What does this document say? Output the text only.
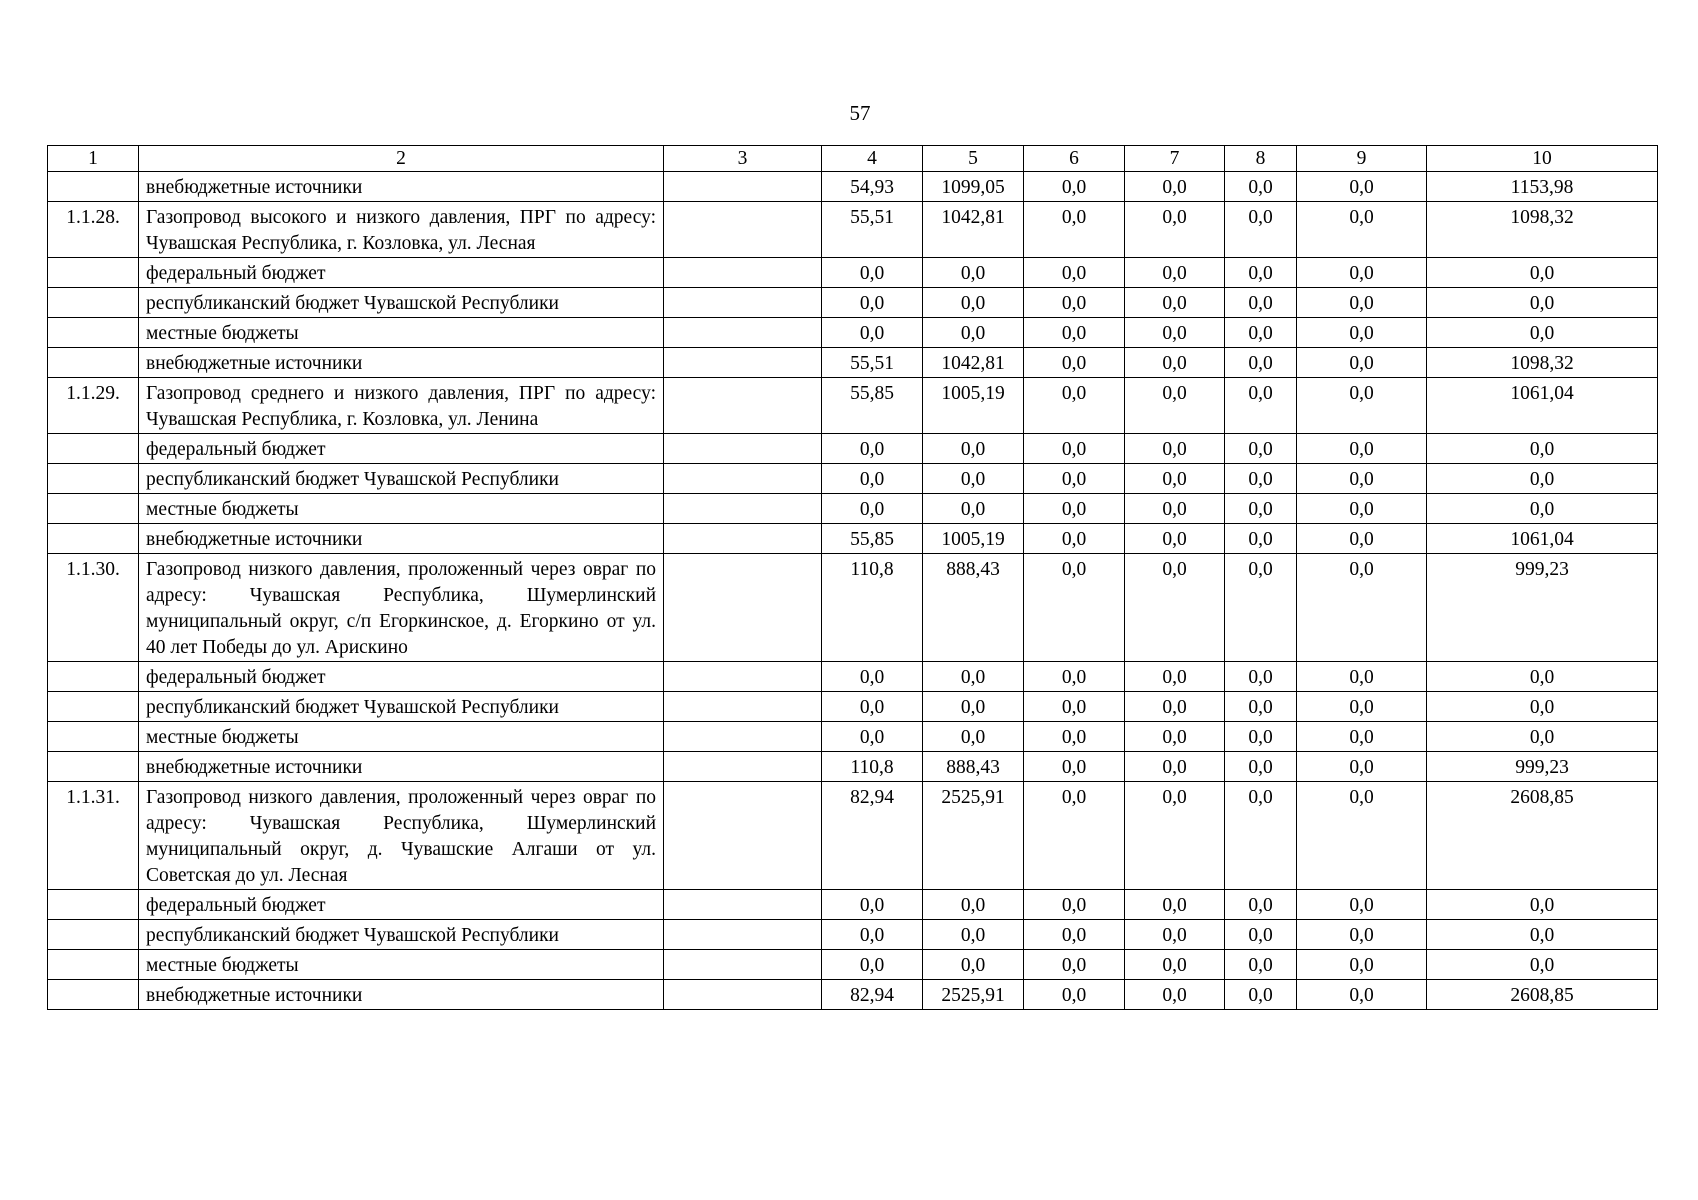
57
1	2	3	4	5	6	7	8	9	10
	внебюджетные источники		54,93	1099,05	0,0	0,0	0,0	0,0	1153,98
1.1.28.	Газопровод высокого и низкого давления, ПРГ по адресу: Чувашская Республика, г. Козловка, ул. Лесная		55,51	1042,81	0,0	0,0	0,0	0,0	1098,32
	федеральный бюджет		0,0	0,0	0,0	0,0	0,0	0,0	0,0
	республиканский бюджет Чувашской Республики		0,0	0,0	0,0	0,0	0,0	0,0	0,0
	местные бюджеты		0,0	0,0	0,0	0,0	0,0	0,0	0,0
	внебюджетные источники		55,51	1042,81	0,0	0,0	0,0	0,0	1098,32
1.1.29.	Газопровод среднего и низкого давления, ПРГ по адресу: Чувашская Республика, г. Козловка, ул. Ленина		55,85	1005,19	0,0	0,0	0,0	0,0	1061,04
	федеральный бюджет		0,0	0,0	0,0	0,0	0,0	0,0	0,0
	республиканский бюджет Чувашской Республики		0,0	0,0	0,0	0,0	0,0	0,0	0,0
	местные бюджеты		0,0	0,0	0,0	0,0	0,0	0,0	0,0
	внебюджетные источники		55,85	1005,19	0,0	0,0	0,0	0,0	1061,04
1.1.30.	Газопровод низкого давления, проложенный через овраг по адресу: Чувашская Республика, Шумерлинский муниципальный округ, с/п Егоркинское, д. Егоркино от ул. 40 лет Победы до ул. Арискино		110,8	888,43	0,0	0,0	0,0	0,0	999,23
	федеральный бюджет		0,0	0,0	0,0	0,0	0,0	0,0	0,0
	республиканский бюджет Чувашской Республики		0,0	0,0	0,0	0,0	0,0	0,0	0,0
	местные бюджеты		0,0	0,0	0,0	0,0	0,0	0,0	0,0
	внебюджетные источники		110,8	888,43	0,0	0,0	0,0	0,0	999,23
1.1.31.	Газопровод низкого давления, проложенный через овраг по адресу: Чувашская Республика, Шумерлинский муниципальный округ, д. Чувашские Алгаши от ул. Советская до ул. Лесная		82,94	2525,91	0,0	0,0	0,0	0,0	2608,85
	федеральный бюджет		0,0	0,0	0,0	0,0	0,0	0,0	0,0
	республиканский бюджет Чувашской Республики		0,0	0,0	0,0	0,0	0,0	0,0	0,0
	местные бюджеты		0,0	0,0	0,0	0,0	0,0	0,0	0,0
	внебюджетные источники		82,94	2525,91	0,0	0,0	0,0	0,0	2608,85
